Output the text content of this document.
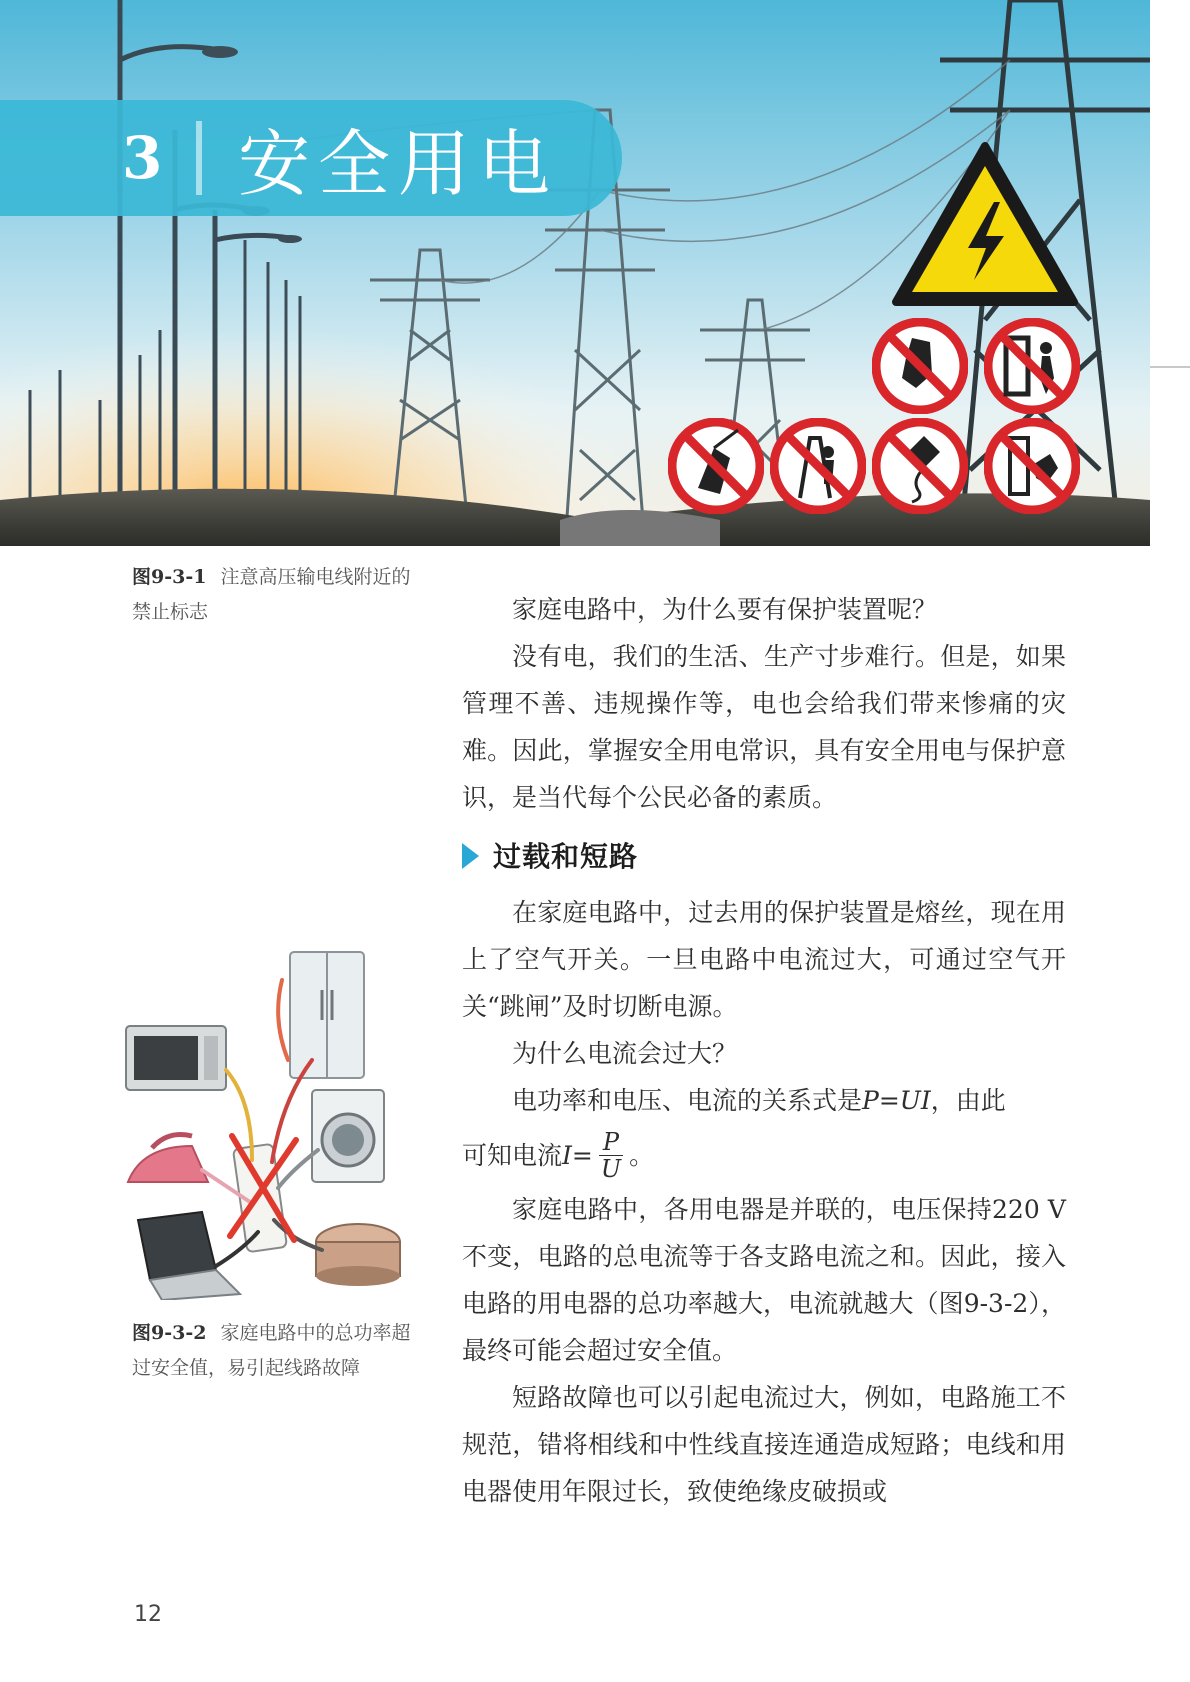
3 安全用电
图9-3-1 注意高压输电线附近的禁止标志
图9-3-2 家庭电路中的总功率超过安全值，易引起线路故障

家庭电路中，为什么要有保护装置呢？

没有电，我们的生活、生产寸步难行。但是，如果管理不善、违规操作等，电也会给我们带来惨痛的灾难。因此，掌握安全用电常识，具有安全用电与保护意识，是当代每个公民必备的素质。

过载和短路

在家庭电路中，过去用的保护装置是熔丝，现在用上了空气开关。一旦电路中电流过大，可通过空气开关“跳闸”及时切断电源。

为什么电流会过大？

电功率和电压、电流的关系式是P=UI，由此

可知电流 $I = \frac{P}{U}$ 。

家庭电路中，各用电器是并联的，电压保持220 V不变，电路的总电流等于各支路电流之和。因此，接入电路的用电器的总功率越大，电流就越大（图9-3-2），最终可能会超过安全值。

短路故障也可以引起电流过大，例如，电路施工不规范，错将相线和中性线直接连通造成短路；电线和用电器使用年限过长，致使绝缘皮破损或

12
